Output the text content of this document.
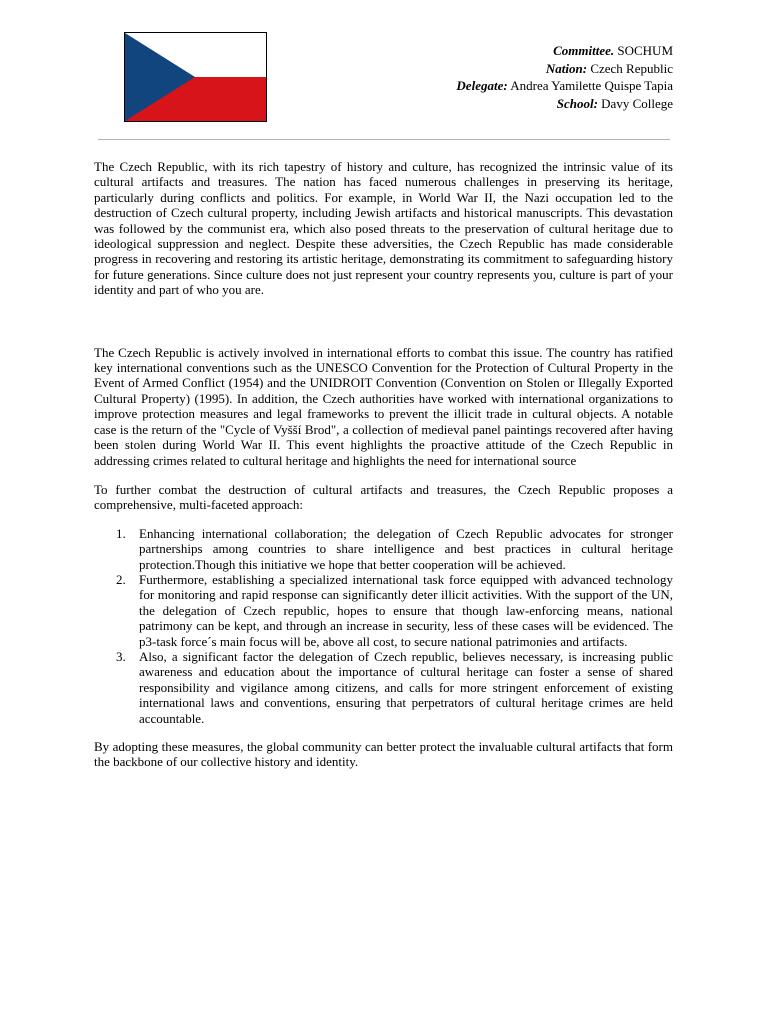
Committee. SOCHUM
Nation: Czech Republic
Delegate: Andrea Yamilette Quispe Tapia
School: Davy College

The Czech Republic, with its rich tapestry of history and culture, has recognized the intrinsic value of its cultural artifacts and treasures. The nation has faced numerous challenges in preserving its heritage, particularly during conflicts and politics. For example, in World War II, the Nazi occupation led to the destruction of Czech cultural property, including Jewish artifacts and historical manuscripts. This devastation was followed by the communist era, which also posed threats to the preservation of cultural heritage due to ideological suppression and neglect. Despite these adversities, the Czech Republic has made considerable progress in recovering and restoring its artistic heritage, demonstrating its commitment to safeguarding history for future generations. Since culture does not just represent your country represents you, culture is part of your identity and part of who you are.

The Czech Republic is actively involved in international efforts to combat this issue. The country has ratified key international conventions such as the UNESCO Convention for the Protection of Cultural Property in the Event of Armed Conflict (1954) and the UNIDROIT Convention (Convention on Stolen or Illegally Exported Cultural Property) (1995). In addition, the Czech authorities have worked with international organizations to improve protection measures and legal frameworks to prevent the illicit trade in cultural objects. A notable case is the return of the "Cycle of Vyšší Brod", a collection of medieval panel paintings recovered after having been stolen during World War II. This event highlights the proactive attitude of the Czech Republic in addressing crimes related to cultural heritage and highlights the need for international source

To further combat the destruction of cultural artifacts and treasures, the Czech Republic proposes a comprehensive, multi-faceted approach:

1. Enhancing international collaboration; the delegation of Czech Republic advocates for stronger partnerships among countries to share intelligence and best practices in cultural heritage protection.Though this initiative we hope that better cooperation will be achieved.
2. Furthermore, establishing a specialized international task force equipped with advanced technology for monitoring and rapid response can significantly deter illicit activities. With the support of the UN, the delegation of Czech republic, hopes to ensure that though law-enforcing means, national patrimony can be kept, and through an increase in security, less of these cases will be evidenced. The p3-task force´s main focus will be, above all cost, to secure national patrimonies and artifacts.
3. Also, a significant factor the delegation of Czech republic, believes necessary, is increasing public awareness and education about the importance of cultural heritage can foster a sense of shared responsibility and vigilance among citizens, and calls for more stringent enforcement of existing international laws and conventions, ensuring that perpetrators of cultural heritage crimes are held accountable.

By adopting these measures, the global community can better protect the invaluable cultural artifacts that form the backbone of our collective history and identity.
